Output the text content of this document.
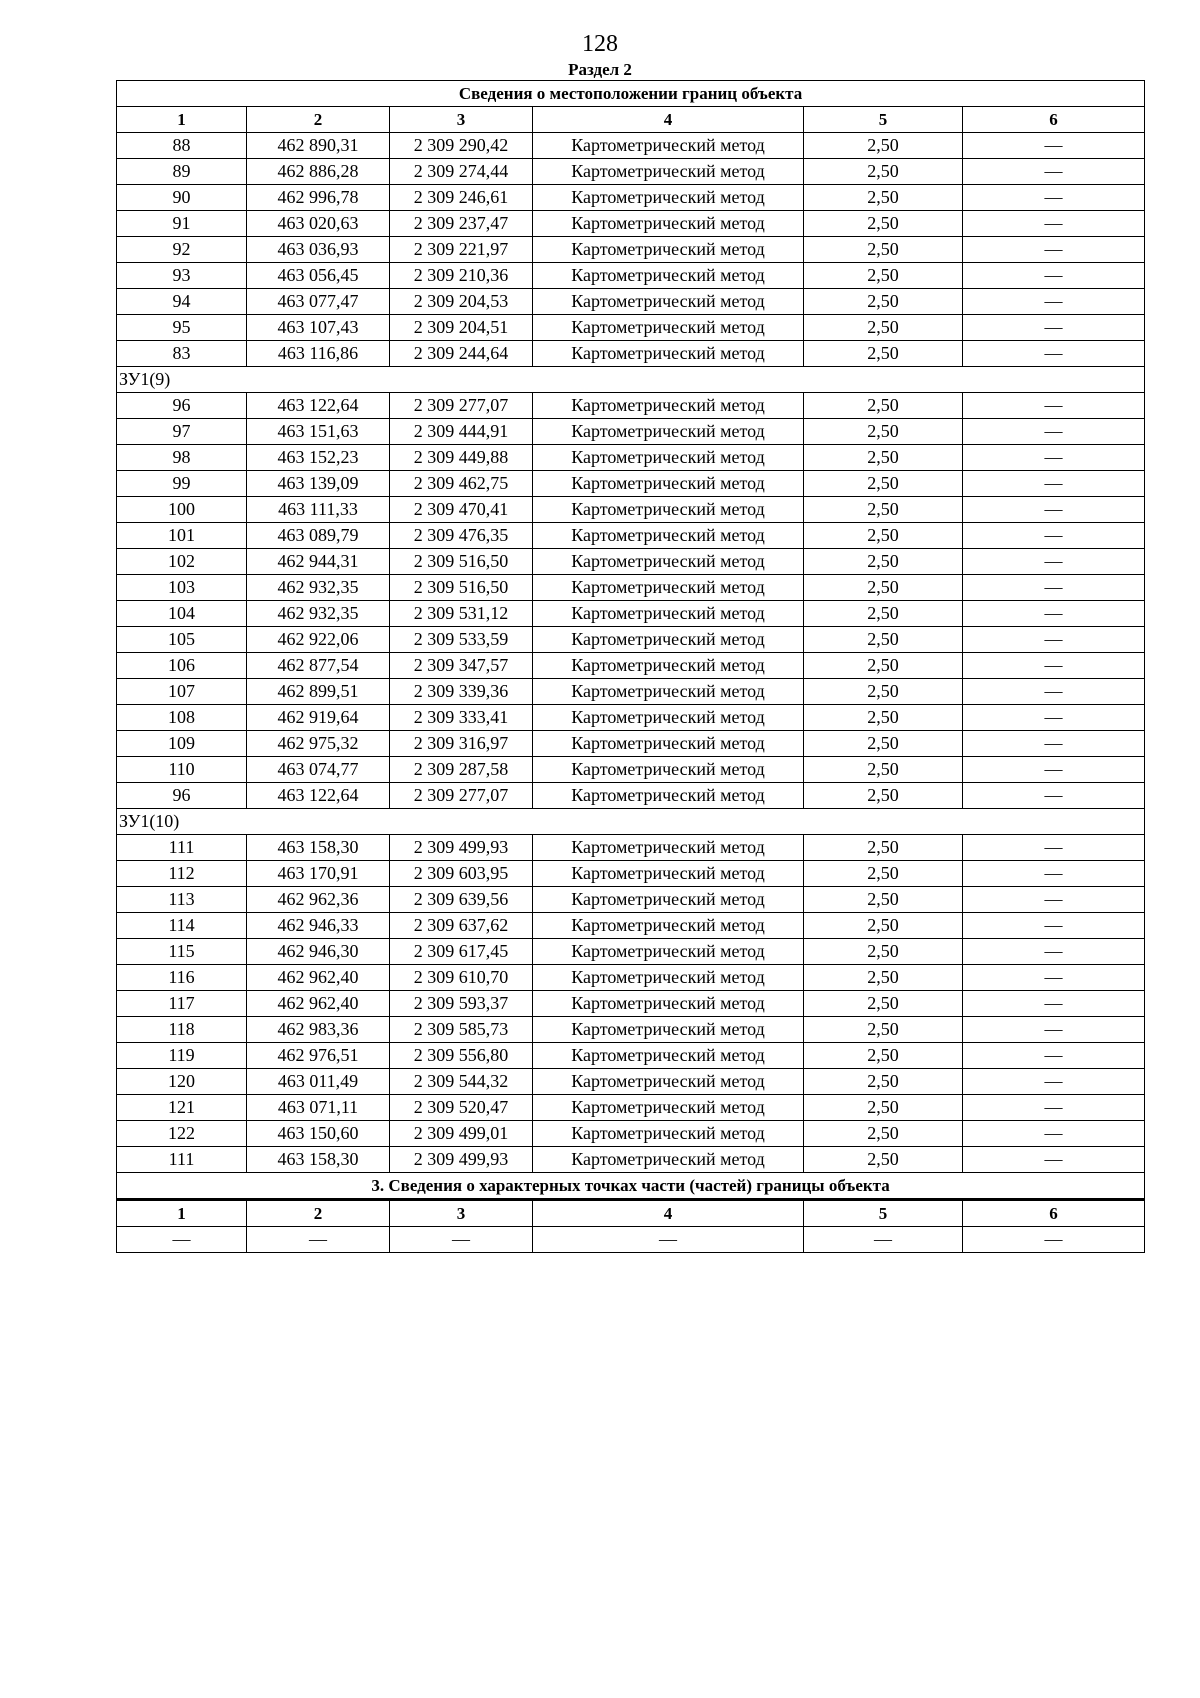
128
Раздел 2
Сведения о местоположении границ объекта					
1	2	3	4	5	6
88	462 890,31	2 309 290,42	Картометрический метод	2,50	—
89	462 886,28	2 309 274,44	Картометрический метод	2,50	—
90	462 996,78	2 309 246,61	Картометрический метод	2,50	—
91	463 020,63	2 309 237,47	Картометрический метод	2,50	—
92	463 036,93	2 309 221,97	Картометрический метод	2,50	—
93	463 056,45	2 309 210,36	Картометрический метод	2,50	—
94	463 077,47	2 309 204,53	Картометрический метод	2,50	—
95	463 107,43	2 309 204,51	Картометрический метод	2,50	—
83	463 116,86	2 309 244,64	Картометрический метод	2,50	—
ЗУ1(9)					
96	463 122,64	2 309 277,07	Картометрический метод	2,50	—
97	463 151,63	2 309 444,91	Картометрический метод	2,50	—
98	463 152,23	2 309 449,88	Картометрический метод	2,50	—
99	463 139,09	2 309 462,75	Картометрический метод	2,50	—
100	463 111,33	2 309 470,41	Картометрический метод	2,50	—
101	463 089,79	2 309 476,35	Картометрический метод	2,50	—
102	462 944,31	2 309 516,50	Картометрический метод	2,50	—
103	462 932,35	2 309 516,50	Картометрический метод	2,50	—
104	462 932,35	2 309 531,12	Картометрический метод	2,50	—
105	462 922,06	2 309 533,59	Картометрический метод	2,50	—
106	462 877,54	2 309 347,57	Картометрический метод	2,50	—
107	462 899,51	2 309 339,36	Картометрический метод	2,50	—
108	462 919,64	2 309 333,41	Картометрический метод	2,50	—
109	462 975,32	2 309 316,97	Картометрический метод	2,50	—
110	463 074,77	2 309 287,58	Картометрический метод	2,50	—
96	463 122,64	2 309 277,07	Картометрический метод	2,50	—
ЗУ1(10)					
111	463 158,30	2 309 499,93	Картометрический метод	2,50	—
112	463 170,91	2 309 603,95	Картометрический метод	2,50	—
113	462 962,36	2 309 639,56	Картометрический метод	2,50	—
114	462 946,33	2 309 637,62	Картометрический метод	2,50	—
115	462 946,30	2 309 617,45	Картометрический метод	2,50	—
116	462 962,40	2 309 610,70	Картометрический метод	2,50	—
117	462 962,40	2 309 593,37	Картометрический метод	2,50	—
118	462 983,36	2 309 585,73	Картометрический метод	2,50	—
119	462 976,51	2 309 556,80	Картометрический метод	2,50	—
120	463 011,49	2 309 544,32	Картометрический метод	2,50	—
121	463 071,11	2 309 520,47	Картометрический метод	2,50	—
122	463 150,60	2 309 499,01	Картометрический метод	2,50	—
111	463 158,30	2 309 499,93	Картометрический метод	2,50	—
3. Сведения о характерных точках части (частей) границы объекта					
1	2	3	4	5	6
—	—	—	—	—	—
